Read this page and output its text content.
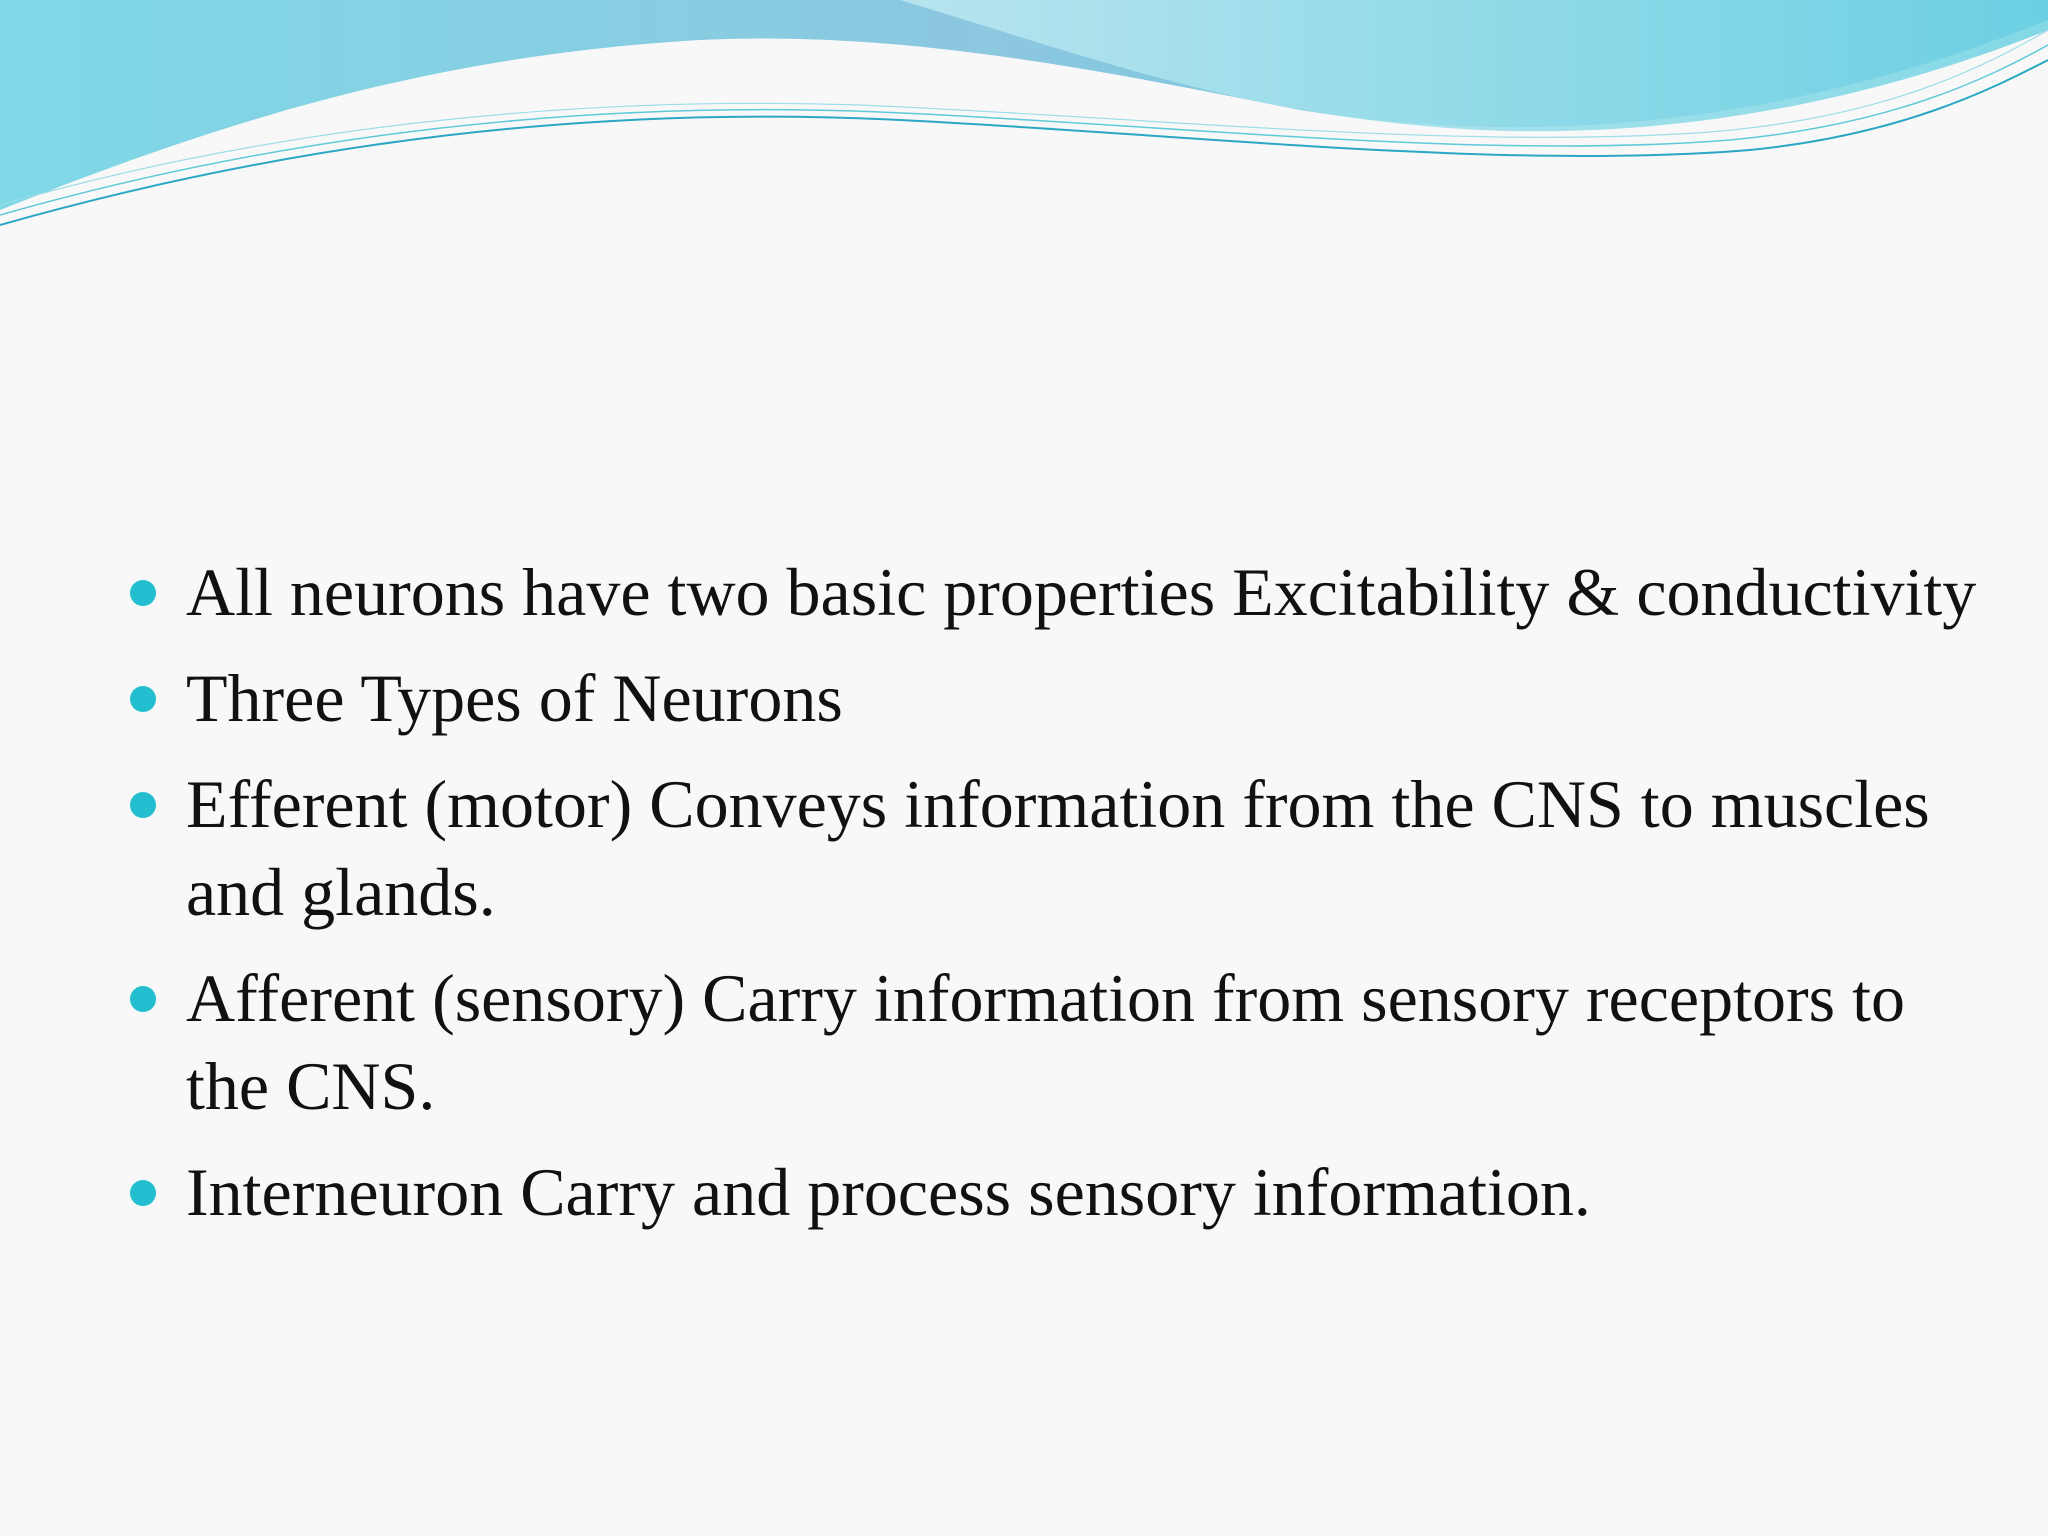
All neurons have two basic properties Excitability & conductivity
Three Types of Neurons
Efferent (motor) Conveys information from the CNS to muscles and glands.
Afferent (sensory) Carry information from sensory receptors to the CNS.
Interneuron Carry and process sensory information.
